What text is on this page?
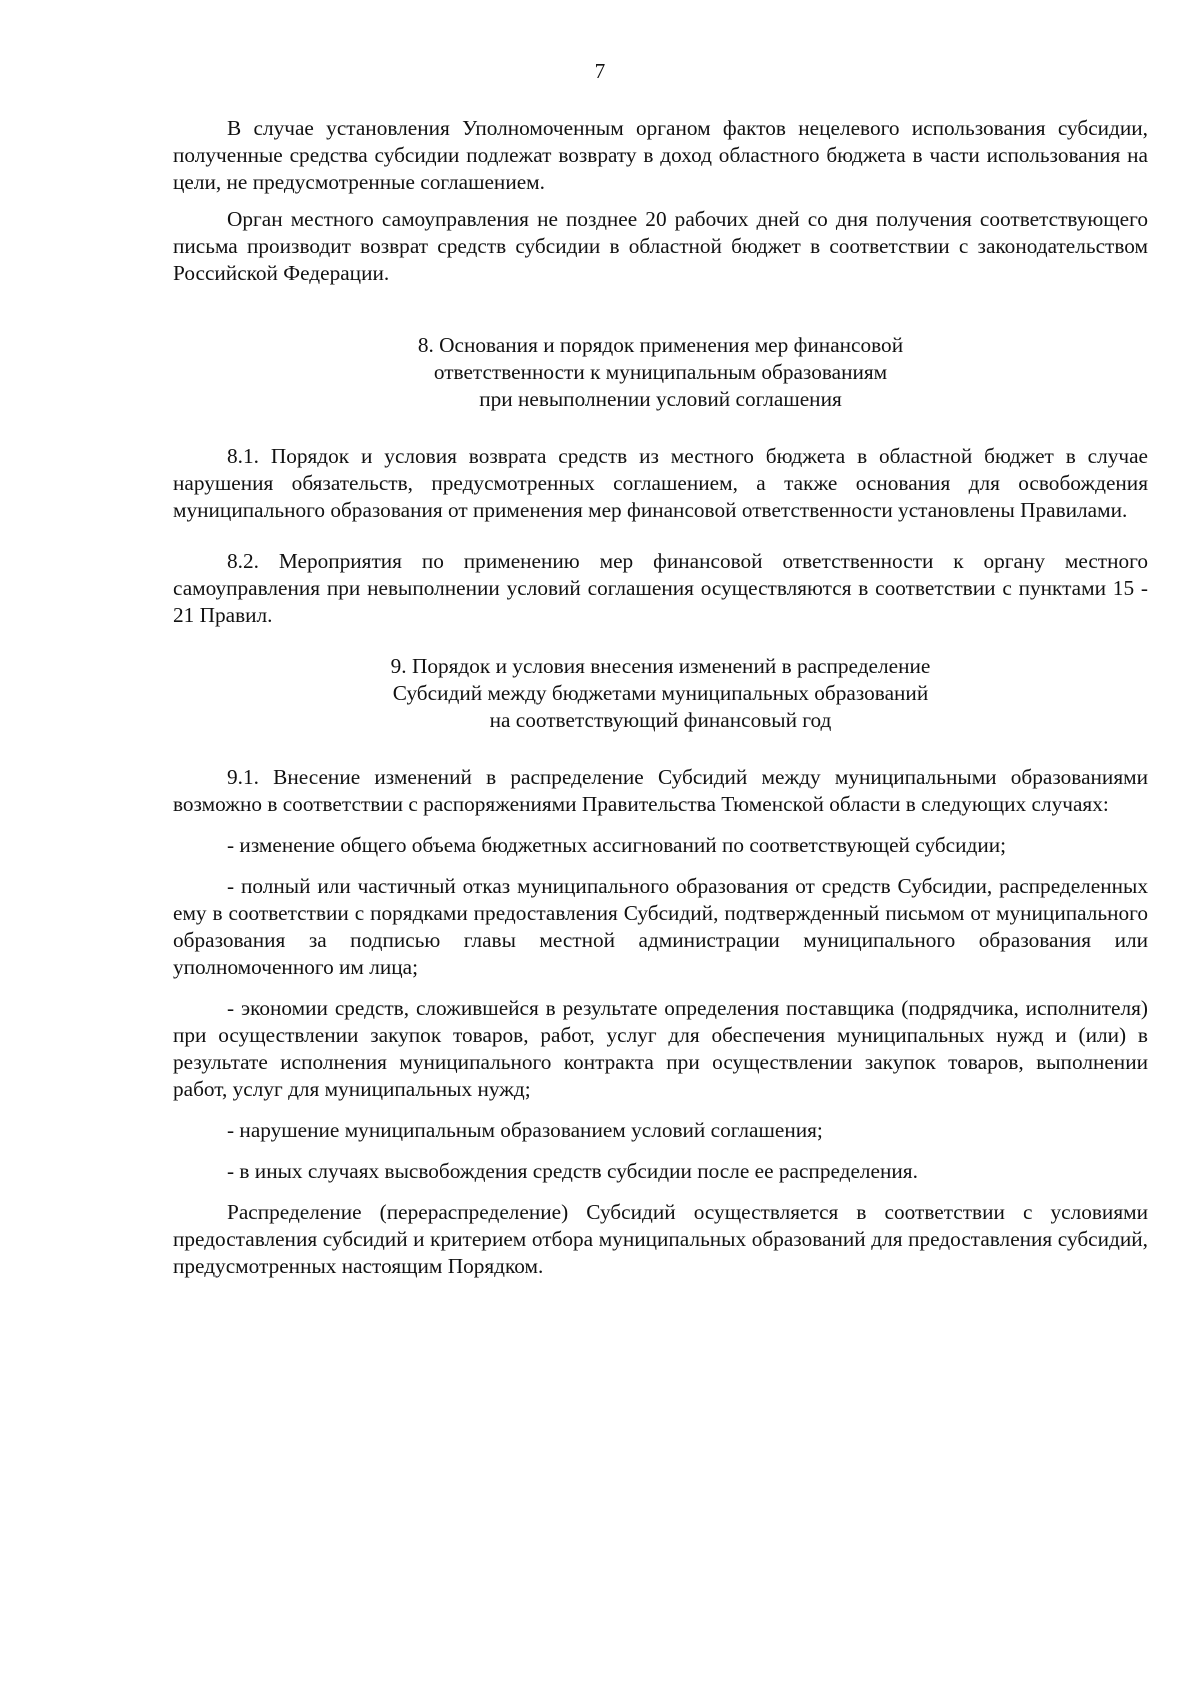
7

В случае установления Уполномоченным органом фактов нецелевого использования субсидии, полученные средства субсидии подлежат возврату в доход областного бюджета в части использования на цели, не предусмотренные соглашением.

Орган местного самоуправления не позднее 20 рабочих дней со дня получения соответствующего письма производит возврат средств субсидии в областной бюджет в соответствии с законодательством Российской Федерации.

8. Основания и порядок применения мер финансовой
ответственности к муниципальным образованиям
при невыполнении условий соглашения

8.1. Порядок и условия возврата средств из местного бюджета в областной бюджет в случае нарушения обязательств, предусмотренных соглашением, а также основания для освобождения муниципального образования от применения мер финансовой ответственности установлены Правилами.

8.2. Мероприятия по применению мер финансовой ответственности к органу местного самоуправления при невыполнении условий соглашения осуществляются в соответствии с пунктами 15 - 21 Правил.

9. Порядок и условия внесения изменений в распределение
Субсидий между бюджетами муниципальных образований
на соответствующий финансовый год

9.1. Внесение изменений в распределение Субсидий между муниципальными образованиями возможно в соответствии с распоряжениями Правительства Тюменской области в следующих случаях:

- изменение общего объема бюджетных ассигнований по соответствующей субсидии;

- полный или частичный отказ муниципального образования от средств Субсидии, распределенных ему в соответствии с порядками предоставления Субсидий, подтвержденный письмом от муниципального образования за подписью главы местной администрации муниципального образования или уполномоченного им лица;

- экономии средств, сложившейся в результате определения поставщика (подрядчика, исполнителя) при осуществлении закупок товаров, работ, услуг для обеспечения муниципальных нужд и (или) в результате исполнения муниципального контракта при осуществлении закупок товаров, выполнении работ, услуг для муниципальных нужд;

- нарушение муниципальным образованием условий соглашения;

- в иных случаях высвобождения средств субсидии после ее распределения.

Распределение (перераспределение) Субсидий осуществляется в соответствии с условиями предоставления субсидий и критерием отбора муниципальных образований для предоставления субсидий, предусмотренных настоящим Порядком.
